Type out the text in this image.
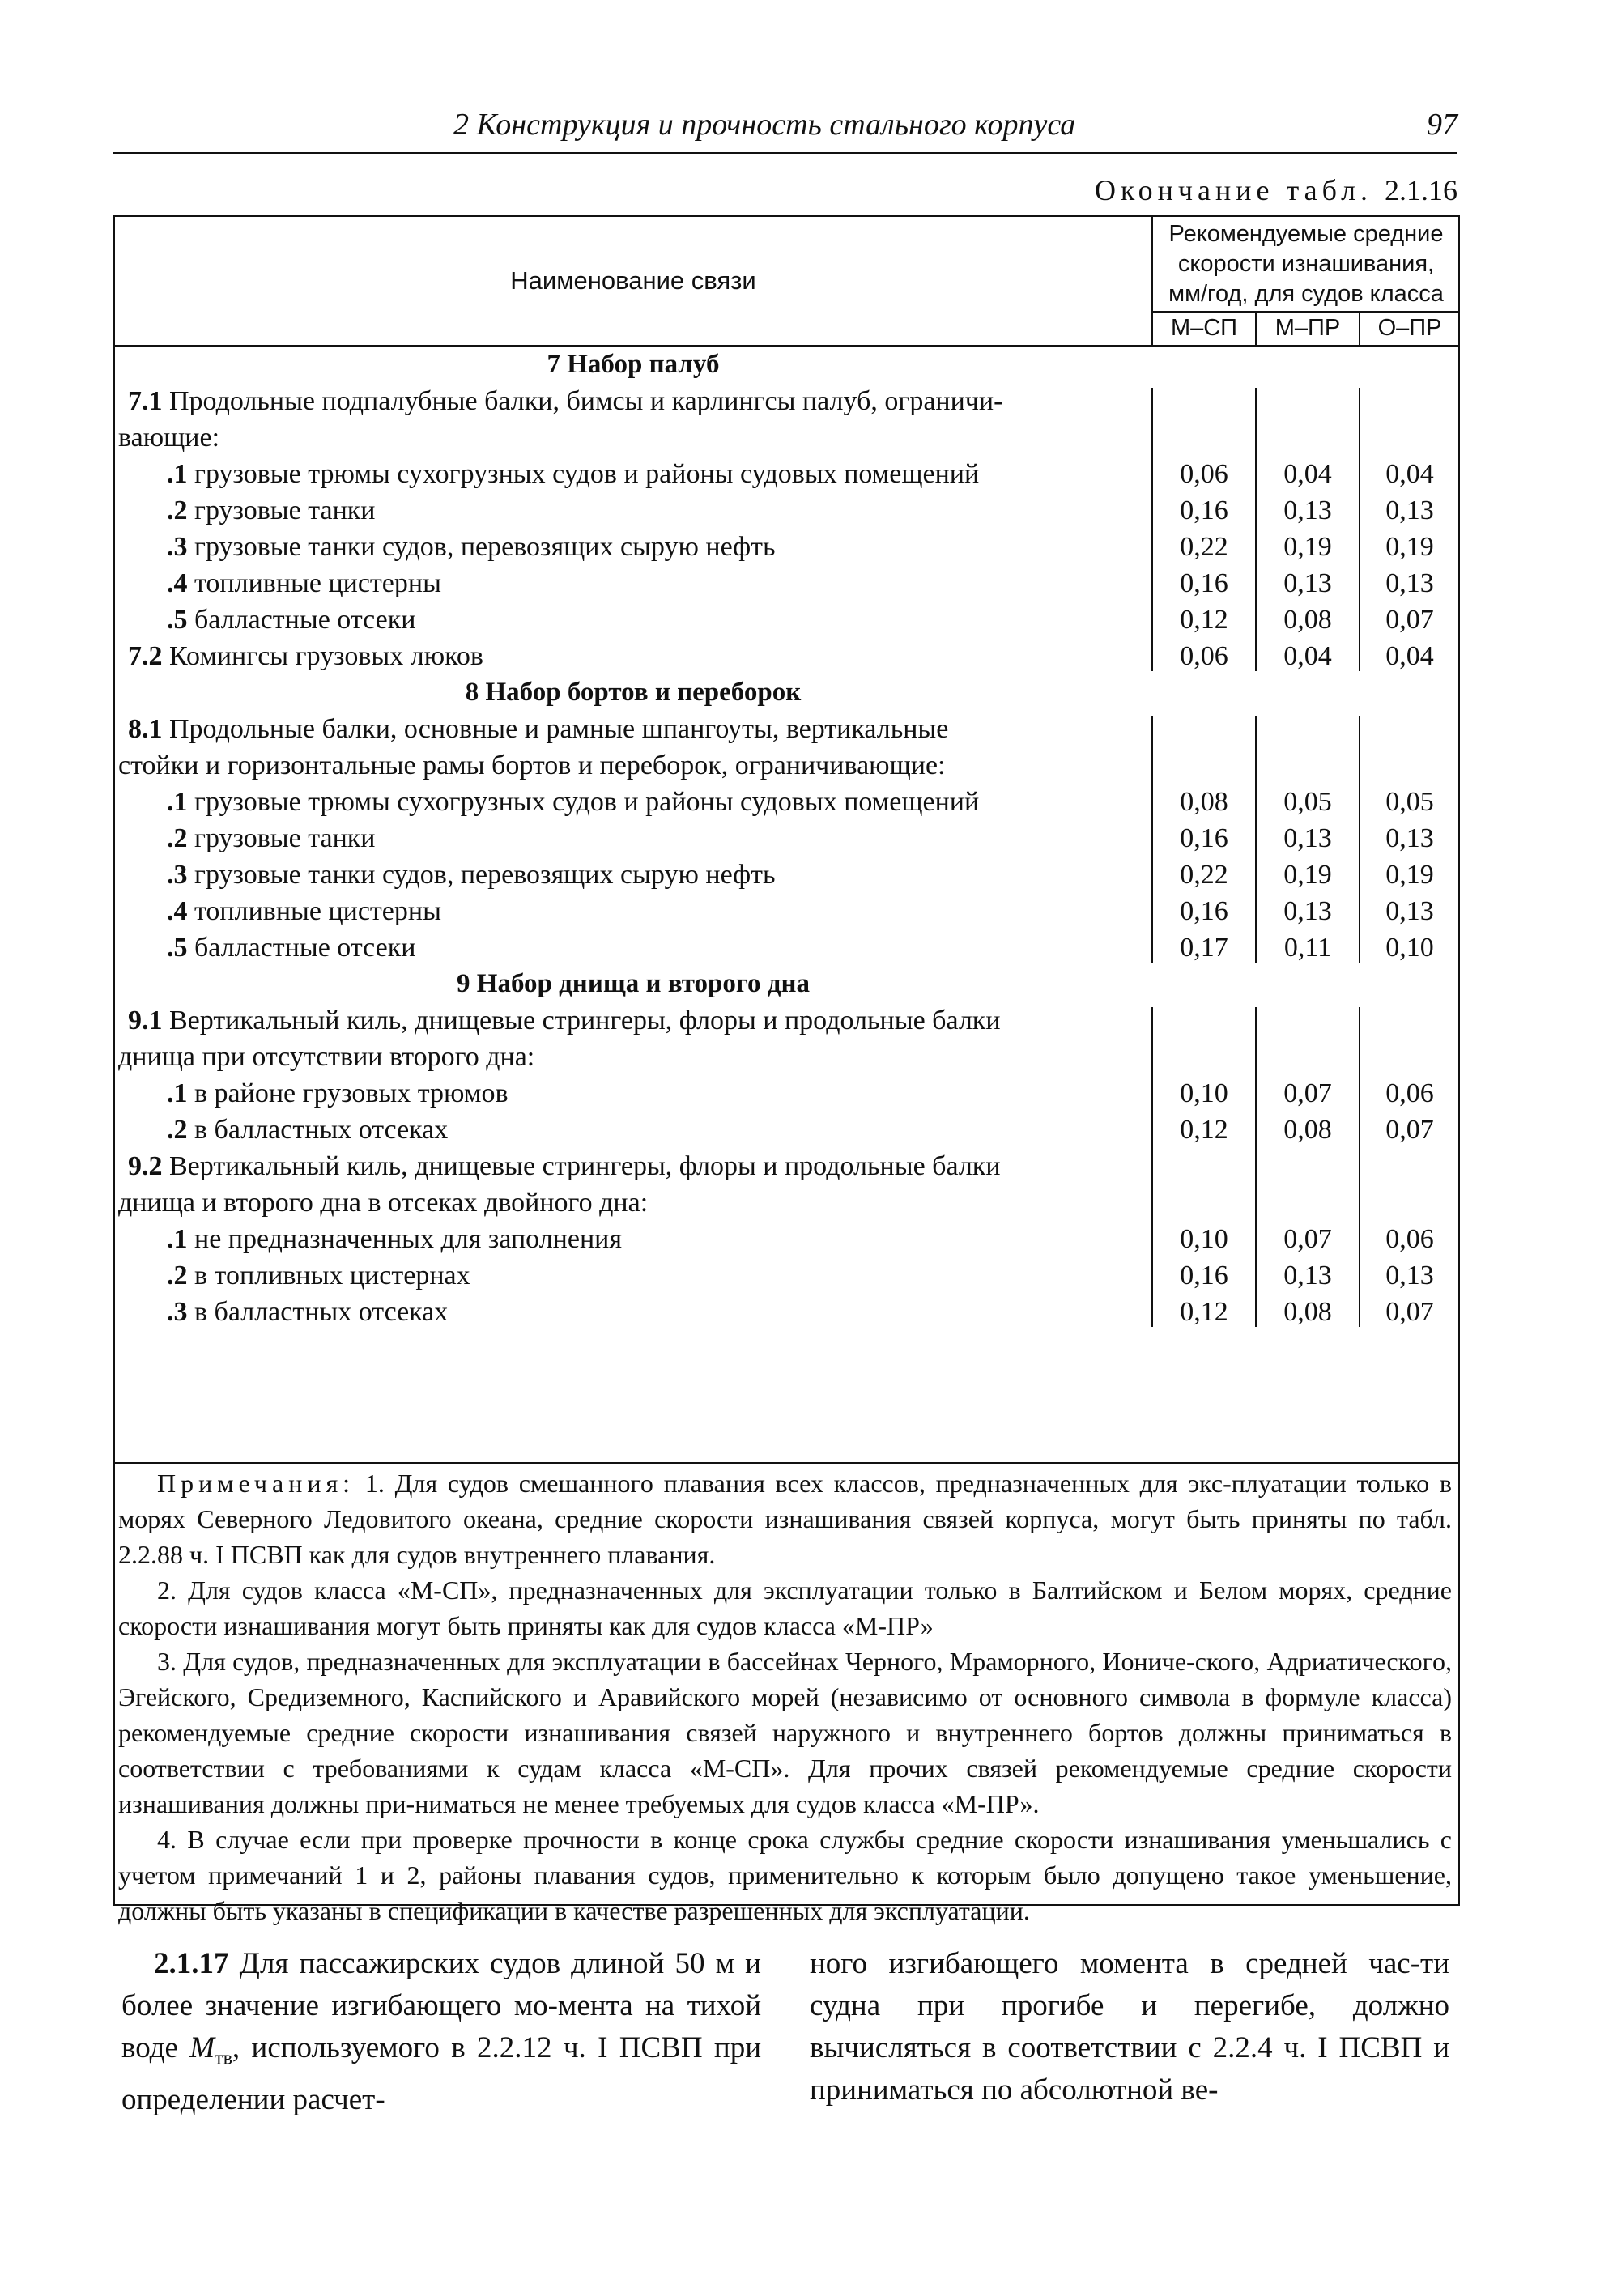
2 Конструкция и прочность стального корпуса	97
Окончание табл. 2.1.16
Наименование связи
Рекомендуемые средние
скорости изнашивания,
мм/год, для судов класса
М–СП	М–ПР	О–ПР
7 Набор палуб
7.1 Продольные подпалубные балки, бимсы и карлингсы палуб, ограничи-
вающие:
.1 грузовые трюмы сухогрузных судов и районы судовых помещений	0,06	0,04	0,04
.2 грузовые танки	0,16	0,13	0,13
.3 грузовые танки судов, перевозящих сырую нефть	0,22	0,19	0,19
.4 топливные цистерны	0,16	0,13	0,13
.5 балластные отсеки	0,12	0,08	0,07
7.2 Комингсы грузовых люков	0,06	0,04	0,04
8 Набор бортов и переборок
8.1 Продольные балки, основные и рамные шпангоуты, вертикальные
стойки и горизонтальные рамы бортов и переборок, ограничивающие:
.1 грузовые трюмы сухогрузных судов и районы судовых помещений	0,08	0,05	0,05
.2 грузовые танки	0,16	0,13	0,13
.3 грузовые танки судов, перевозящих сырую нефть	0,22	0,19	0,19
.4 топливные цистерны	0,16	0,13	0,13
.5 балластные отсеки	0,17	0,11	0,10
9 Набор днища и второго дна
9.1 Вертикальный киль, днищевые стрингеры, флоры и продольные балки
днища при отсутствии второго дна:
.1 в районе грузовых трюмов	0,10	0,07	0,06
.2 в балластных отсеках	0,12	0,08	0,07
9.2 Вертикальный киль, днищевые стрингеры, флоры и продольные балки
днища и второго дна в отсеках двойного дна:
.1 не предназначенных для заполнения	0,10	0,07	0,06
.2 в топливных цистернах	0,16	0,13	0,13
.3 в балластных отсеках	0,12	0,08	0,07

Примечания: 1. Для судов смешанного плавания всех классов, предназначенных для экс-плуатации только в морях Северного Ледовитого океана, средние скорости изнашивания связей корпуса, могут быть приняты по табл. 2.2.88 ч. I ПСВП как для судов внутреннего плавания.

2. Для судов класса «М-СП», предназначенных для эксплуатации только в Балтийском и Белом морях, средние скорости изнашивания могут быть приняты как для судов класса «М-ПР»

3. Для судов, предназначенных для эксплуатации в бассейнах Черного, Мраморного, Иониче-ского, Адриатического, Эгейского, Средиземного, Каспийского и Аравийского морей (независимо от основного символа в формуле класса) рекомендуемые средние скорости изнашивания связей наружного и внутреннего бортов должны приниматься в соответствии с требованиями к судам класса «М-СП». Для прочих связей рекомендуемые средние скорости изнашивания должны при-ниматься не менее требуемых для судов класса «М-ПР».

4. В случае если при проверке прочности в конце срока службы средние скорости изнашивания уменьшались с учетом примечаний 1 и 2, районы плавания судов, применительно к которым было допущено такое уменьшение, должны быть указаны в спецификации в качестве разрешенных для эксплуатации.

2.1.17 Для пассажирских судов длиной 50 м и более значение изгибающего мо-мента на тихой воде $M_{тв}$, используемого в 2.2.12 ч. I ПСВП при определении расчет-
ного изгибающего момента в средней час-ти судна при прогибе и перегибе, должно вычисляться в соответствии с 2.2.4 ч. I ПСВП и приниматься по абсолютной ве-
